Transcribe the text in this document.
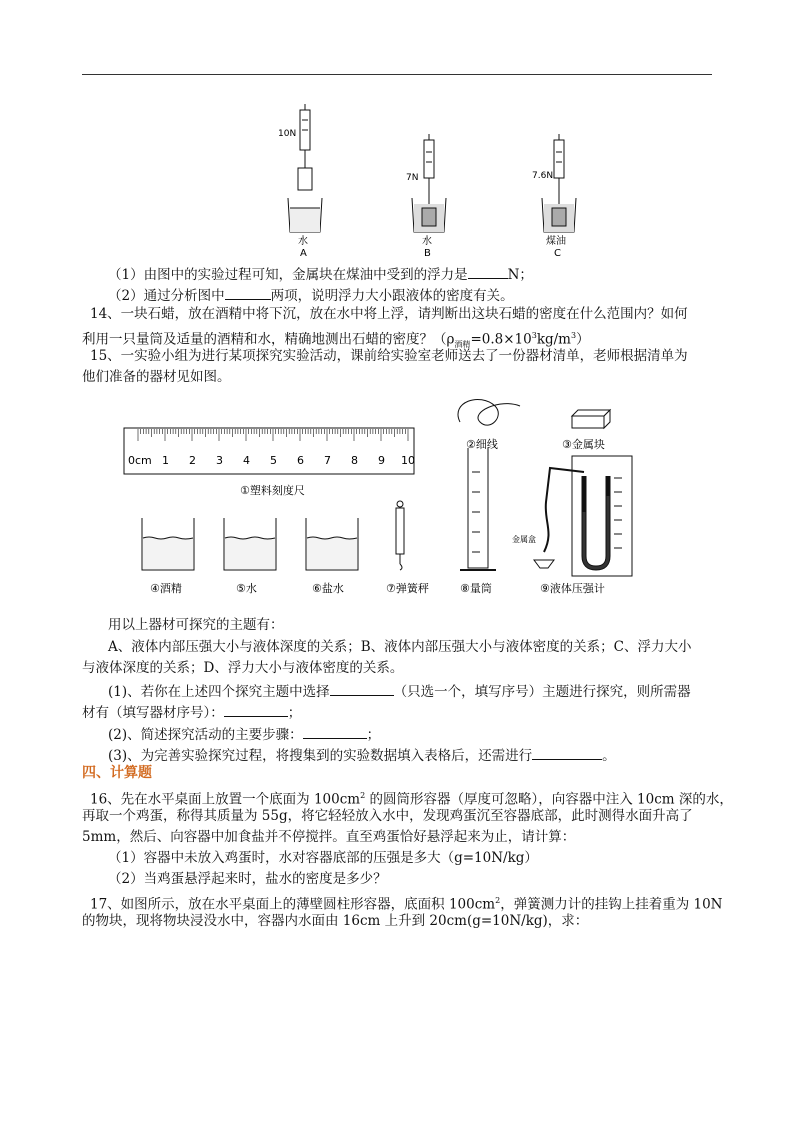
10N
水
A
7N
水
B
7.6N
煤油
C
（1）由图中的实验过程可知，金属块在煤油中受到的浮力是	N；
（2）通过分析图中	两项，说明浮力大小跟液体的密度有关。
14、一块石蜡，放在酒精中将下沉，放在水中将上浮，请判断出这块石蜡的密度在什么范围内？如何
利用一只量筒及适量的酒精和水，精确地测出石蜡的密度？$(\rho_{酒精}=0.8\times 10^3kg/m^3)$
15、一实验小组为进行某项探究实验活动，课前给实验室老师送去了一份器材清单，老师根据清单为
他们准备的器材见如图。
0cm 1 2 3 4 5 6 7 8 9 10
①塑料刻度尺
②细线	③金属块
④酒精	⑤水	⑥盐水	⑦弹簧秤	⑧量筒
金属盒
⑨液体压强计
用以上器材可探究的主题有：
A、液体内部压强大小与液体深度的关系；B、液体内部压强大小与液体密度的关系；C、浮力大小
与液体深度的关系；D、浮力大小与液体密度的关系。
(1)、若你在上述四个探究主题中选择	（只选一个，填写序号）主题进行探究，则所需器
材有（填写器材序号）：	；
(2)、简述探究活动的主要步骤：	；
(3)、为完善实验探究过程，将搜集到的实验数据填入表格后，还需进行	。
四、计算题
16、先在水平桌面上放置一个底面为 $100cm^2$ 的圆筒形容器（厚度可忽略），向容器中注入 10cm 深的水，
再取一个鸡蛋，称得其质量为 55g，将它轻轻放入水中，发现鸡蛋沉至容器底部，此时测得水面升高了
5mm，然后、向容器中加食盐并不停搅拌。直至鸡蛋恰好悬浮起来为止，请计算：
（1）容器中未放入鸡蛋时，水对容器底部的压强是多大（g=10N/kg）
（2）当鸡蛋悬浮起来时，盐水的密度是多少？
17、如图所示，放在水平桌面上的薄壁圆柱形容器，底面积 $100cm^2$，弹簧测力计的挂钩上挂着重为 10N
的物块，现将物块浸没水中，容器内水面由 16cm 上升到 20cm(g=10N/kg)，求：
